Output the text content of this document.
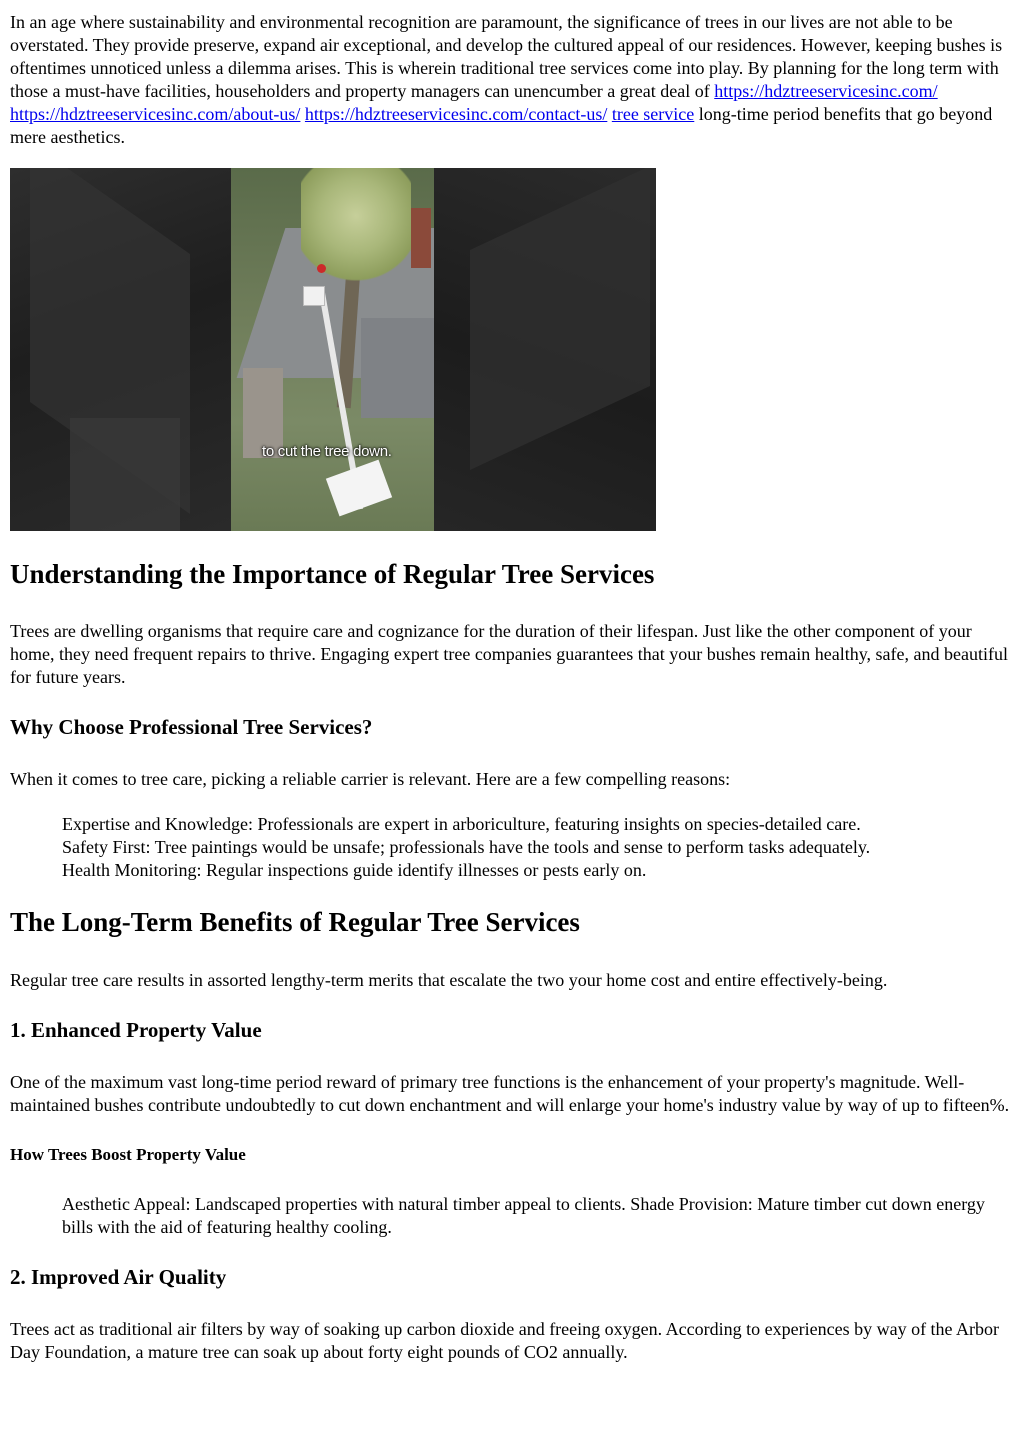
In an age where sustainability and environmental recognition are paramount, the significance of trees in our lives are not able to be overstated. They provide preserve, expand air exceptional, and develop the cultured appeal of our residences. However, keeping bushes is oftentimes unnoticed unless a dilemma arises. This is wherein traditional tree services come into play. By planning for the long term with those a must-have facilities, householders and property managers can unencumber a great deal of https://hdztreeservicesinc.com/ https://hdztreeservicesinc.com/about-us/ https://hdztreeservicesinc.com/contact-us/ tree service long-time period benefits that go beyond mere aesthetics.

to cut the tree down.
Understanding the Importance of Regular Tree Services

Trees are dwelling organisms that require care and cognizance for the duration of their lifespan. Just like the other component of your home, they need frequent repairs to thrive. Engaging expert tree companies guarantees that your bushes remain healthy, safe, and beautiful for future years.

Why Choose Professional Tree Services?

When it comes to tree care, picking a reliable carrier is relevant. Here are a few compelling reasons:

Expertise and Knowledge: Professionals are expert in arboriculture, featuring insights on species-detailed care.
Safety First: Tree paintings would be unsafe; professionals have the tools and sense to perform tasks adequately.
Health Monitoring: Regular inspections guide identify illnesses or pests early on.
The Long-Term Benefits of Regular Tree Services

Regular tree care results in assorted lengthy-term merits that escalate the two your home cost and entire effectively-being.

1. Enhanced Property Value

One of the maximum vast long-time period reward of primary tree functions is the enhancement of your property's magnitude. Well-maintained bushes contribute undoubtedly to cut down enchantment and will enlarge your home's industry value by way of up to fifteen%.

How Trees Boost Property Value

Aesthetic Appeal: Landscaped properties with natural timber appeal to clients. Shade Provision: Mature timber cut down energy bills with the aid of featuring healthy cooling.

2. Improved Air Quality

Trees act as traditional air filters by way of soaking up carbon dioxide and freeing oxygen. According to experiences by way of the Arbor Day Foundation, a mature tree can soak up about forty eight pounds of CO2 annually.
